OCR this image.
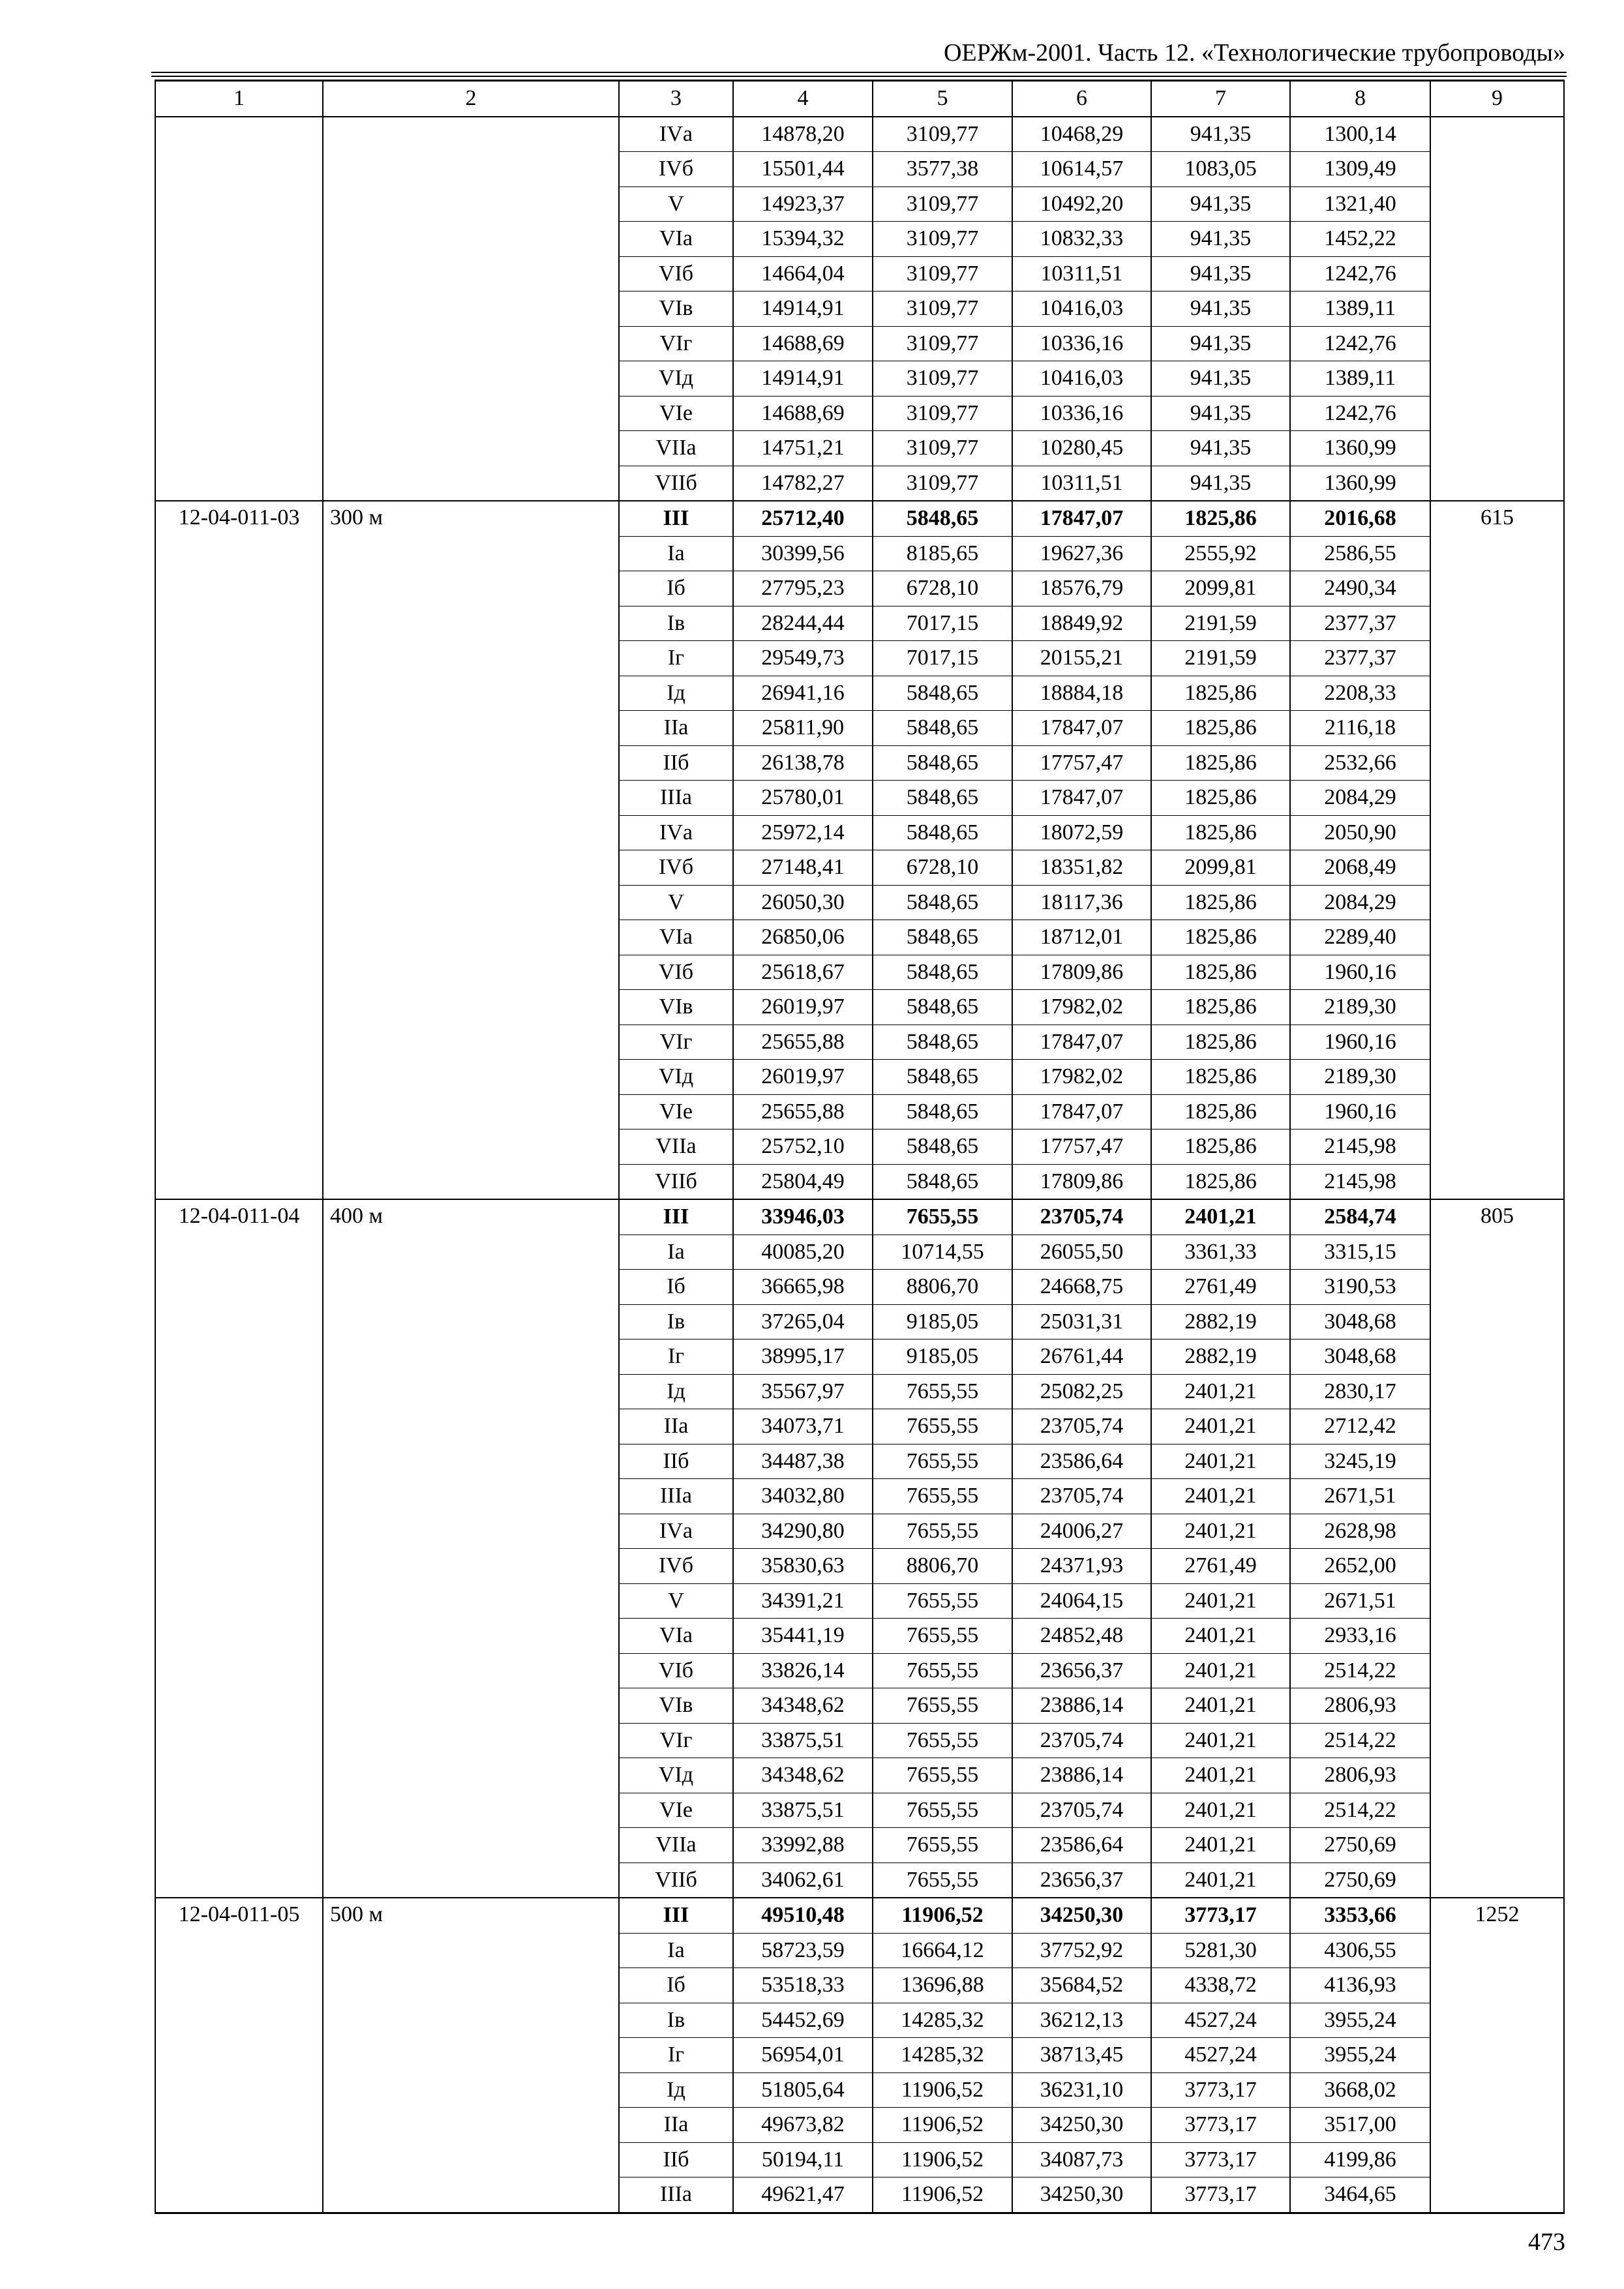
ОЕРЖм-2001. Часть 12. «Технологические трубопроводы»
1	2	3	4	5	6	7	8	9
		IVа	14878,20	3109,77	10468,29	941,35	1300,14	
		IVб	15501,44	3577,38	10614,57	1083,05	1309,49	
		V	14923,37	3109,77	10492,20	941,35	1321,40	
		VIа	15394,32	3109,77	10832,33	941,35	1452,22	
		VIб	14664,04	3109,77	10311,51	941,35	1242,76	
		VIв	14914,91	3109,77	10416,03	941,35	1389,11	
		VIг	14688,69	3109,77	10336,16	941,35	1242,76	
		VIд	14914,91	3109,77	10416,03	941,35	1389,11	
		VIе	14688,69	3109,77	10336,16	941,35	1242,76	
		VIIа	14751,21	3109,77	10280,45	941,35	1360,99	
		VIIб	14782,27	3109,77	10311,51	941,35	1360,99	
12-04-011-03	300 м	III	25712,40	5848,65	17847,07	1825,86	2016,68	615
		Iа	30399,56	8185,65	19627,36	2555,92	2586,55	
		Iб	27795,23	6728,10	18576,79	2099,81	2490,34	
		Iв	28244,44	7017,15	18849,92	2191,59	2377,37	
		Iг	29549,73	7017,15	20155,21	2191,59	2377,37	
		Iд	26941,16	5848,65	18884,18	1825,86	2208,33	
		IIа	25811,90	5848,65	17847,07	1825,86	2116,18	
		IIб	26138,78	5848,65	17757,47	1825,86	2532,66	
		IIIа	25780,01	5848,65	17847,07	1825,86	2084,29	
		IVа	25972,14	5848,65	18072,59	1825,86	2050,90	
		IVб	27148,41	6728,10	18351,82	2099,81	2068,49	
		V	26050,30	5848,65	18117,36	1825,86	2084,29	
		VIа	26850,06	5848,65	18712,01	1825,86	2289,40	
		VIб	25618,67	5848,65	17809,86	1825,86	1960,16	
		VIв	26019,97	5848,65	17982,02	1825,86	2189,30	
		VIг	25655,88	5848,65	17847,07	1825,86	1960,16	
		VIд	26019,97	5848,65	17982,02	1825,86	2189,30	
		VIе	25655,88	5848,65	17847,07	1825,86	1960,16	
		VIIа	25752,10	5848,65	17757,47	1825,86	2145,98	
		VIIб	25804,49	5848,65	17809,86	1825,86	2145,98	
12-04-011-04	400 м	III	33946,03	7655,55	23705,74	2401,21	2584,74	805
		Iа	40085,20	10714,55	26055,50	3361,33	3315,15	
		Iб	36665,98	8806,70	24668,75	2761,49	3190,53	
		Iв	37265,04	9185,05	25031,31	2882,19	3048,68	
		Iг	38995,17	9185,05	26761,44	2882,19	3048,68	
		Iд	35567,97	7655,55	25082,25	2401,21	2830,17	
		IIа	34073,71	7655,55	23705,74	2401,21	2712,42	
		IIб	34487,38	7655,55	23586,64	2401,21	3245,19	
		IIIа	34032,80	7655,55	23705,74	2401,21	2671,51	
		IVа	34290,80	7655,55	24006,27	2401,21	2628,98	
		IVб	35830,63	8806,70	24371,93	2761,49	2652,00	
		V	34391,21	7655,55	24064,15	2401,21	2671,51	
		VIа	35441,19	7655,55	24852,48	2401,21	2933,16	
		VIб	33826,14	7655,55	23656,37	2401,21	2514,22	
		VIв	34348,62	7655,55	23886,14	2401,21	2806,93	
		VIг	33875,51	7655,55	23705,74	2401,21	2514,22	
		VIд	34348,62	7655,55	23886,14	2401,21	2806,93	
		VIе	33875,51	7655,55	23705,74	2401,21	2514,22	
		VIIа	33992,88	7655,55	23586,64	2401,21	2750,69	
		VIIб	34062,61	7655,55	23656,37	2401,21	2750,69	
12-04-011-05	500 м	III	49510,48	11906,52	34250,30	3773,17	3353,66	1252
		Iа	58723,59	16664,12	37752,92	5281,30	4306,55	
		Iб	53518,33	13696,88	35684,52	4338,72	4136,93	
		Iв	54452,69	14285,32	36212,13	4527,24	3955,24	
		Iг	56954,01	14285,32	38713,45	4527,24	3955,24	
		Iд	51805,64	11906,52	36231,10	3773,17	3668,02	
		IIа	49673,82	11906,52	34250,30	3773,17	3517,00	
		IIб	50194,11	11906,52	34087,73	3773,17	4199,86	
		IIIа	49621,47	11906,52	34250,30	3773,17	3464,65	
473
